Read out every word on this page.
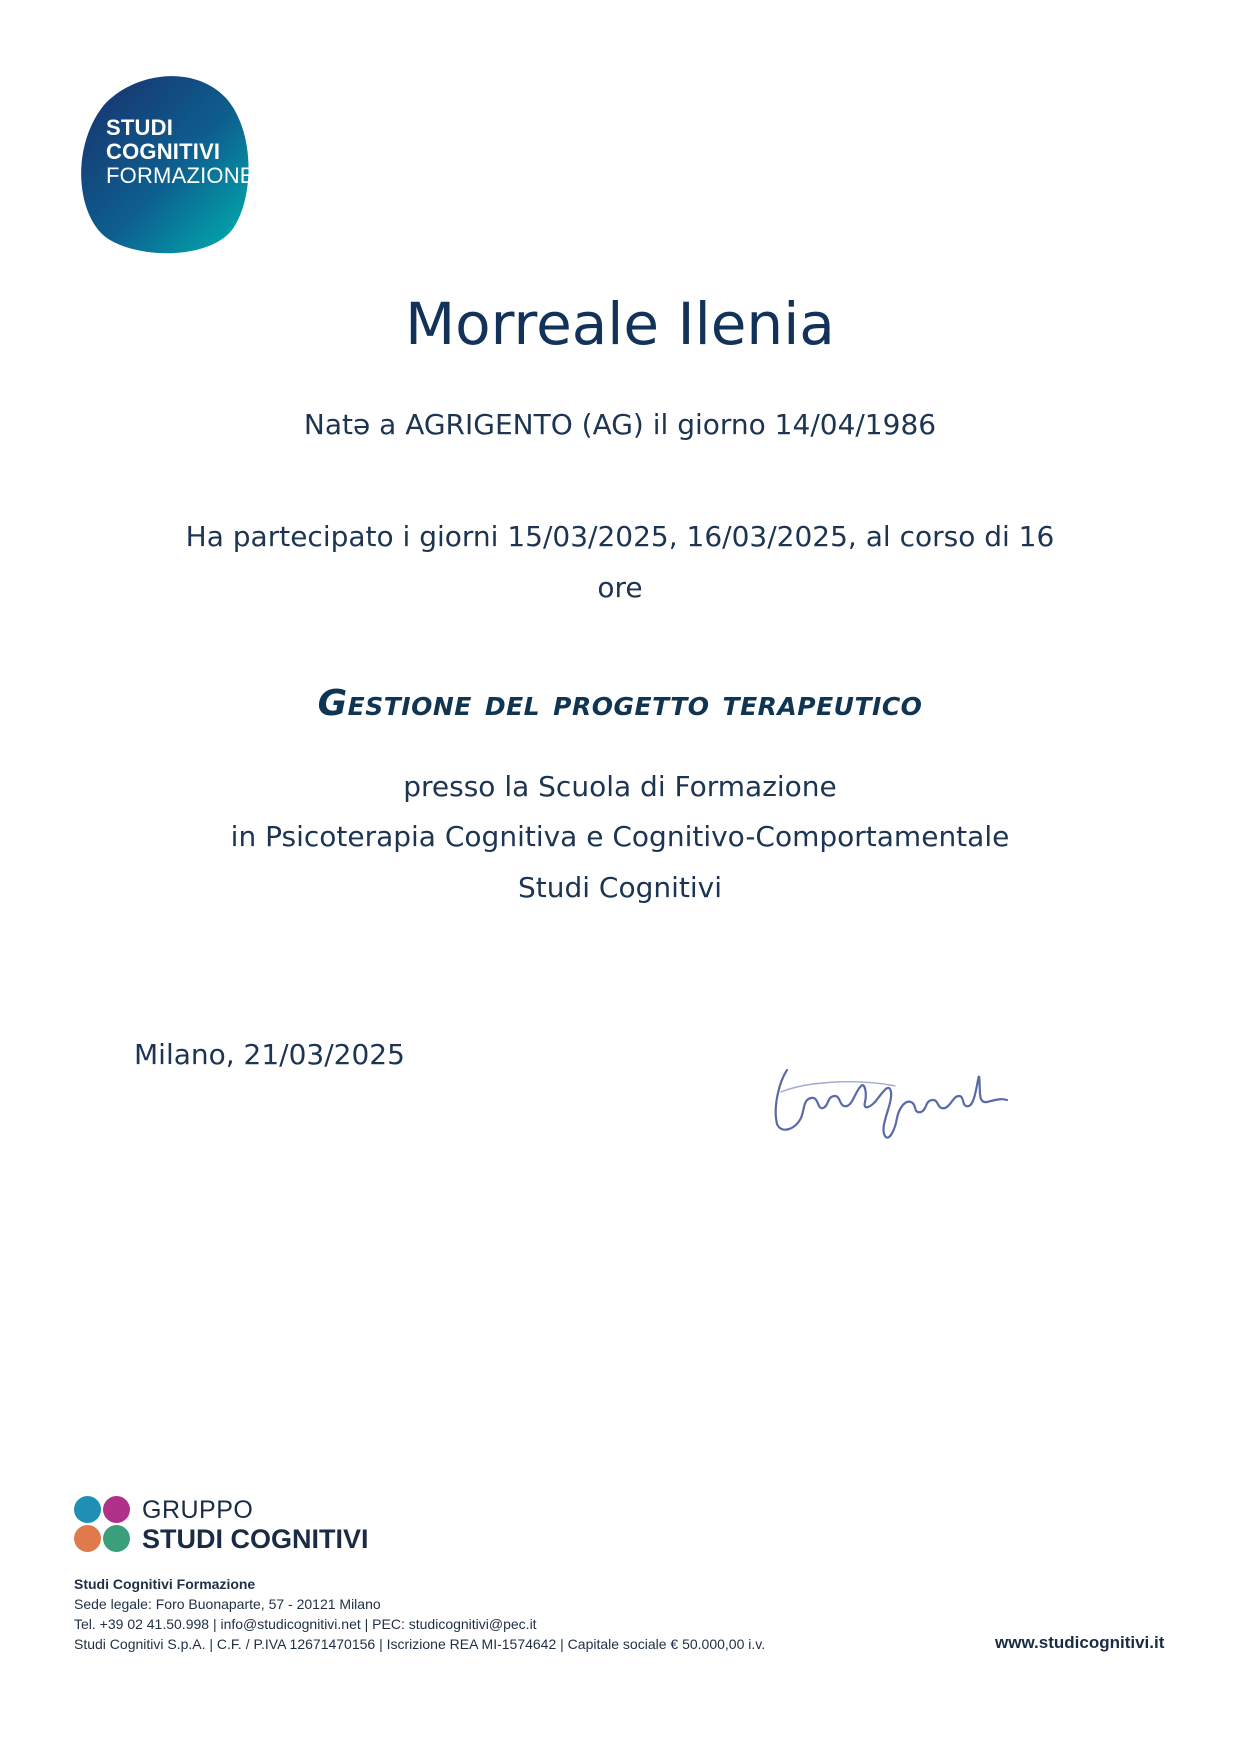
STUDI
COGNITIVI
FORMAZIONE
Morreale Ilenia
Natə a AGRIGENTO (AG) il giorno 14/04/1986
Ha partecipato i giorni 15/03/2025, 16/03/2025, al corso di 16
ore
Gestione del progetto terapeutico
presso la Scuola di Formazione
in Psicoterapia Cognitiva e Cognitivo-Comportamentale
Studi Cognitivi
Milano, 21/03/2025
GRUPPO
STUDI COGNITIVI
Studi Cognitivi Formazione
Sede legale: Foro Buonaparte, 57 - 20121 Milano
Tel. +39 02 41.50.998 | info@studicognitivi.net | PEC: studicognitivi@pec.it
Studi Cognitivi S.p.A. | C.F. / P.IVA 12671470156 | Iscrizione REA MI-1574642 | Capitale sociale € 50.000,00 i.v.	www.studicognitivi.it
